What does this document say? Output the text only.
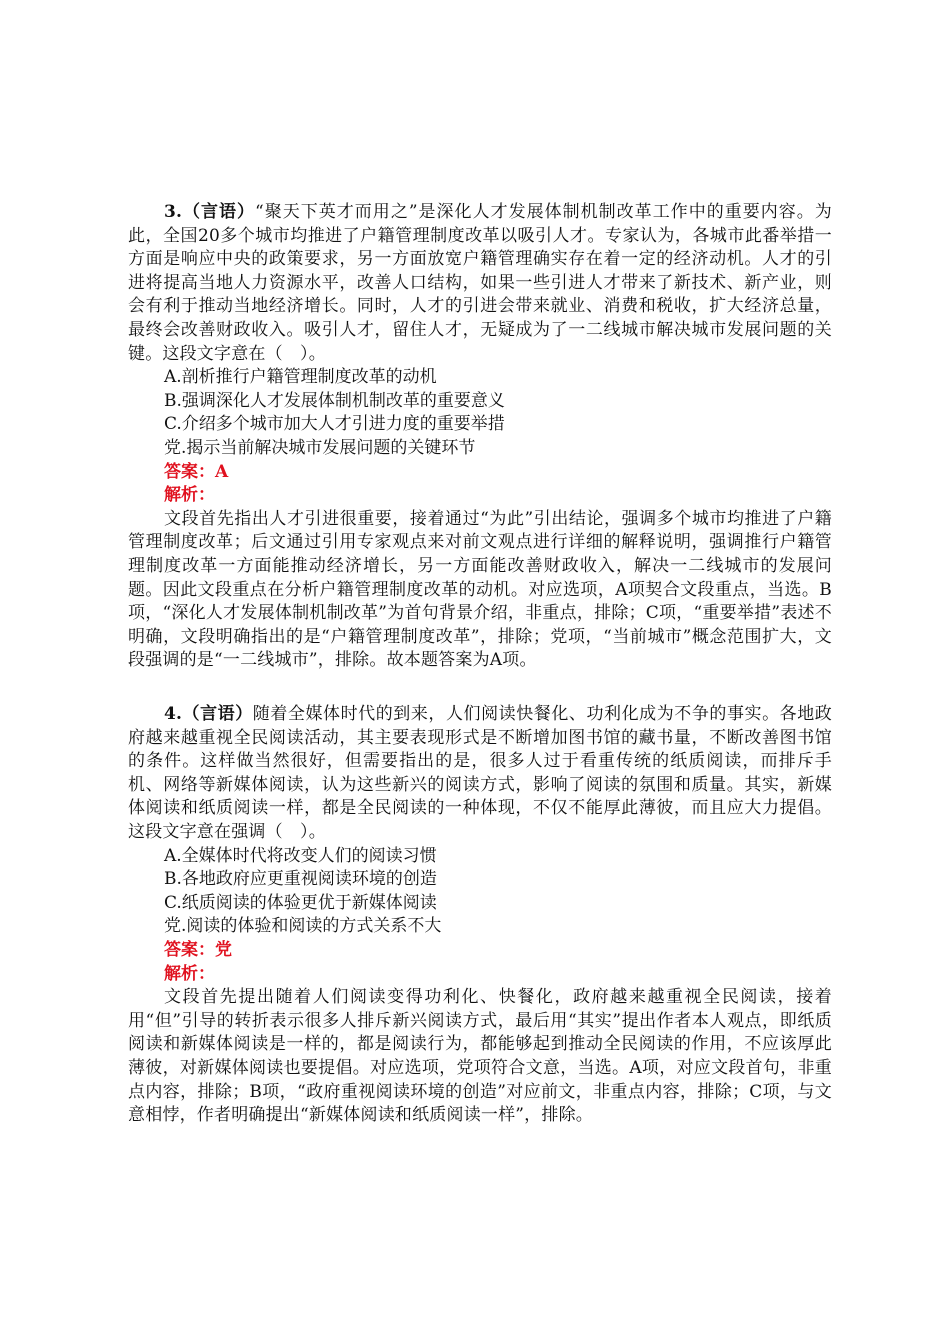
3.（言语）“聚天下英才而用之”是深化人才发展体制机制改革工作中的重要内容。为此，全国20多个城市均推进了户籍管理制度改革以吸引人才。专家认为，各城市此番举措一方面是响应中央的政策要求，另一方面放宽户籍管理确实存在着一定的经济动机。人才的引进将提高当地人力资源水平，改善人口结构，如果一些引进人才带来了新技术、新产业，则会有利于推动当地经济增长。同时，人才的引进会带来就业、消费和税收，扩大经济总量，最终会改善财政收入。吸引人才，留住人才，无疑成为了一二线城市解决城市发展问题的关键。这段文字意在（　）。

A.剖析推行户籍管理制度改革的动机
B.强调深化人才发展体制机制改革的重要意义
C.介绍多个城市加大人才引进力度的重要举措
党.揭示当前解决城市发展问题的关键环节
答案：A
解析：

文段首先指出人才引进很重要，接着通过“为此”引出结论，强调多个城市均推进了户籍管理制度改革；后文通过引用专家观点来对前文观点进行详细的解释说明，强调推行户籍管理制度改革一方面能推动经济增长，另一方面能改善财政收入，解决一二线城市的发展问题。因此文段重点在分析户籍管理制度改革的动机。对应选项，A项契合文段重点，当选。B项，“深化人才发展体制机制改革”为首句背景介绍，非重点，排除；C项，“重要举措”表述不明确，文段明确指出的是“户籍管理制度改革”，排除；党项，“当前城市”概念范围扩大，文段强调的是“一二线城市”，排除。故本题答案为A项。

4.（言语）随着全媒体时代的到来，人们阅读快餐化、功利化成为不争的事实。各地政府越来越重视全民阅读活动，其主要表现形式是不断增加图书馆的藏书量，不断改善图书馆的条件。这样做当然很好，但需要指出的是，很多人过于看重传统的纸质阅读，而排斥手机、网络等新媒体阅读，认为这些新兴的阅读方式，影响了阅读的氛围和质量。其实，新媒体阅读和纸质阅读一样，都是全民阅读的一种体现，不仅不能厚此薄彼，而且应大力提倡。这段文字意在强调（　）。

A.全媒体时代将改变人们的阅读习惯
B.各地政府应更重视阅读环境的创造
C.纸质阅读的体验更优于新媒体阅读
党.阅读的体验和阅读的方式关系不大
答案：党
解析：

文段首先提出随着人们阅读变得功利化、快餐化，政府越来越重视全民阅读，接着用“但”引导的转折表示很多人排斥新兴阅读方式，最后用“其实”提出作者本人观点，即纸质阅读和新媒体阅读是一样的，都是阅读行为，都能够起到推动全民阅读的作用，不应该厚此薄彼，对新媒体阅读也要提倡。对应选项，党项符合文意，当选。A项，对应文段首句，非重点内容，排除；B项，“政府重视阅读环境的创造”对应前文，非重点内容，排除；C项，与文意相悖，作者明确提出“新媒体阅读和纸质阅读一样”，排除。
